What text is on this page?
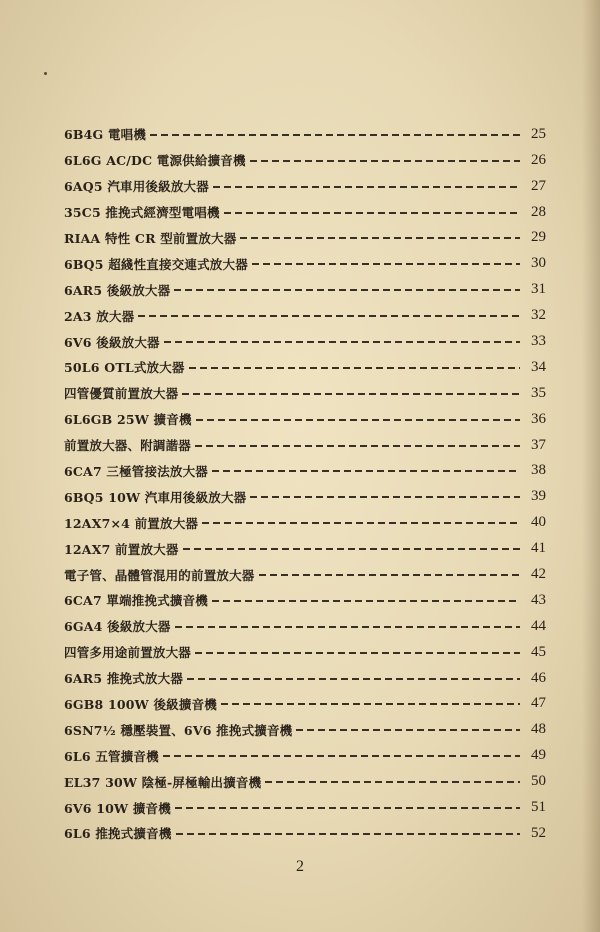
6B4G 電唱機	25
6L6G AC/DC 電源供給擴音機	26
6AQ5 汽車用後級放大器	27
35C5 推挽式經濟型電唱機	28
RIAA 特性 CR 型前置放大器	29
6BQ5 超綫性直接交連式放大器	30
6AR5 後級放大器	31
2A3 放大器	32
6V6 後級放大器	33
50L6 OTL式放大器	34
四管優質前置放大器	35
6L6GB 25W 擴音機	36
前置放大器、附調諧器	37
6CA7 三極管接法放大器	38
6BQ5 10W 汽車用後級放大器	39
12AX7×4 前置放大器	40
12AX7 前置放大器	41
電子管、晶體管混用的前置放大器	42
6CA7 單端推挽式擴音機	43
6GA4 後級放大器	44
四管多用途前置放大器	45
6AR5 推挽式放大器	46
6GB8 100W 後級擴音機	47
6SN7½ 穩壓裝置、6V6 推挽式擴音機	48
6L6 五管擴音機	49
EL37 30W 陰極-屏極輸出擴音機	50
6V6 10W 擴音機	51
6L6 推挽式擴音機	52
2
